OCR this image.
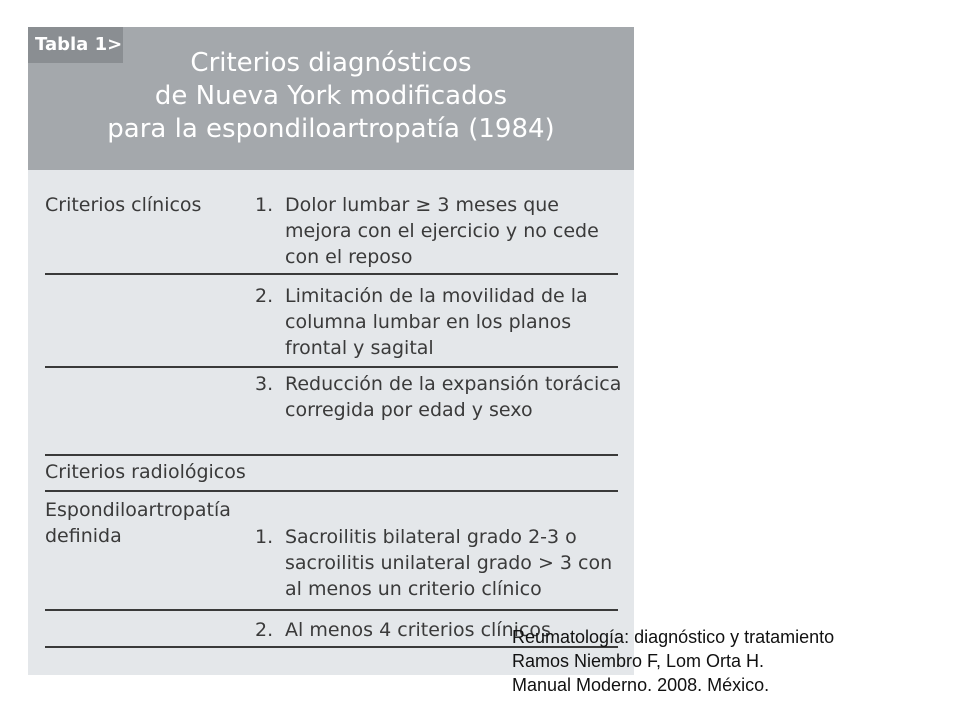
Tabla 1>
Criterios diagnósticos
de Nueva York modificados
para la espondiloartropatía (1984)
Criterios clínicos	1. Dolor lumbar ≥ 3 meses que mejora con el ejercicio y no cede con el reposo
2. Limitación de la movilidad de la columna lumbar en los planos frontal y sagital
3. Reducción de la expansión torácica corregida por edad y sexo
Criterios radiológicos
Espondiloartropatía definida	1. Sacroilitis bilateral grado 2-3 o sacroilitis unilateral grado > 3 con al menos un criterio clínico
2. Al menos 4 criterios clínicos
Reumatología: diagnóstico y tratamiento
Ramos Niembro F, Lom Orta H.
Manual Moderno. 2008. México.
